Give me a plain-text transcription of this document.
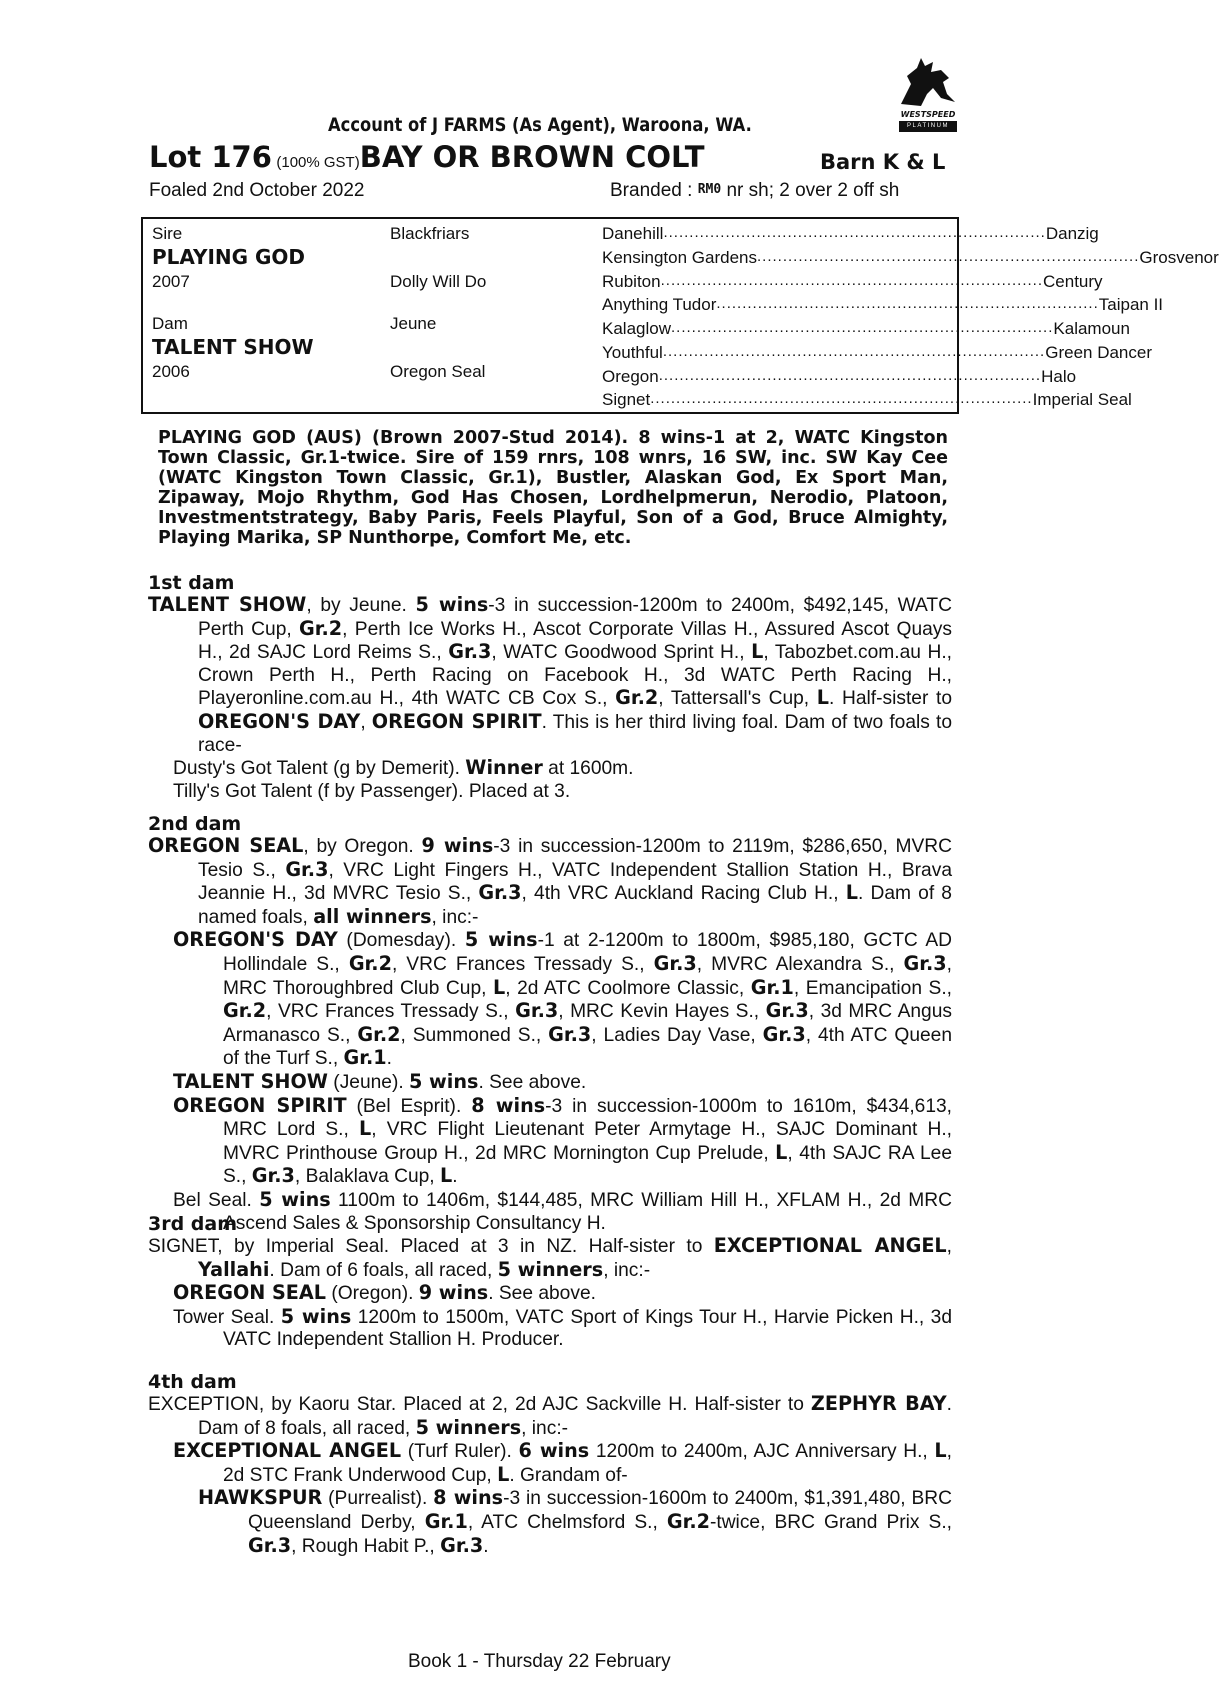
WESTSPEED
PLATINUM
Account of J FARMS (As Agent), Waroona, WA.
Lot 176 (100% GST)BAY OR BROWN COLT	Barn K & L
Foaled 2nd October 2022	Branded : RM0 nr sh; 2 over 2 off sh
Sire
PLAYING GOD
2007
Dam
TALENT SHOW
2006
Blackfriars
Dolly Will Do
Jeune
Oregon Seal
Danehill .......................................................................... Danzig
Kensington Gardens .......................................................................... Grosvenor
Rubiton .......................................................................... Century
Anything Tudor .......................................................................... Taipan II
Kalaglow .......................................................................... Kalamoun
Youthful .......................................................................... Green Dancer
Oregon .......................................................................... Halo
Signet .......................................................................... Imperial Seal
PLAYING GOD (AUS) (Brown 2007-Stud 2014). 8 wins-1 at 2, WATC Kingston Town Classic, Gr.1-twice. Sire of 159 rnrs, 108 wnrs, 16 SW, inc. SW Kay Cee (WATC Kingston Town Classic, Gr.1), Bustler, Alaskan God, Ex Sport Man, Zipaway, Mojo Rhythm, God Has Chosen, Lordhelpmerun, Nerodio, Platoon, Investmentstrategy, Baby Paris, Feels Playful, Son of a God, Bruce Almighty, Playing Marika, SP Nunthorpe, Comfort Me, etc.
1st dam
TALENT SHOW, by Jeune. 5 wins-3 in succession-1200m to 2400m, $492,145, WATC Perth Cup, Gr.2, Perth Ice Works H., Ascot Corporate Villas H., Assured Ascot Quays H., 2d SAJC Lord Reims S., Gr.3, WATC Goodwood Sprint H., L, Tabozbet.com.au H., Crown Perth H., Perth Racing on Facebook H., 3d WATC Perth Racing H., Playeronline.com.au H., 4th WATC CB Cox S., Gr.2, Tattersall's Cup, L. Half-sister to OREGON'S DAY, OREGON SPIRIT. This is her third living foal. Dam of two foals to race-
Dusty's Got Talent (g by Demerit). Winner at 1600m.
Tilly's Got Talent (f by Passenger). Placed at 3.
2nd dam
OREGON SEAL, by Oregon. 9 wins-3 in succession-1200m to 2119m, $286,650, MVRC Tesio S., Gr.3, VRC Light Fingers H., VATC Independent Stallion Station H., Brava Jeannie H., 3d MVRC Tesio S., Gr.3, 4th VRC Auckland Racing Club H., L. Dam of 8 named foals, all winners, inc:-
OREGON'S DAY (Domesday). 5 wins-1 at 2-1200m to 1800m, $985,180, GCTC AD Hollindale S., Gr.2, VRC Frances Tressady S., Gr.3, MVRC Alexandra S., Gr.3, MRC Thoroughbred Club Cup, L, 2d ATC Coolmore Classic, Gr.1, Emancipation S., Gr.2, VRC Frances Tressady S., Gr.3, MRC Kevin Hayes S., Gr.3, 3d MRC Angus Armanasco S., Gr.2, Summoned S., Gr.3, Ladies Day Vase, Gr.3, 4th ATC Queen of the Turf S., Gr.1.
TALENT SHOW (Jeune). 5 wins. See above.
OREGON SPIRIT (Bel Esprit). 8 wins-3 in succession-1000m to 1610m, $434,613, MRC Lord S., L, VRC Flight Lieutenant Peter Armytage H., SAJC Dominant H., MVRC Printhouse Group H., 2d MRC Mornington Cup Prelude, L, 4th SAJC RA Lee S., Gr.3, Balaklava Cup, L.
Bel Seal. 5 wins 1100m to 1406m, $144,485, MRC William Hill H., XFLAM H., 2d MRC Ascend Sales & Sponsorship Consultancy H.
3rd dam
SIGNET, by Imperial Seal. Placed at 3 in NZ. Half-sister to EXCEPTIONAL ANGEL, Yallahi. Dam of 6 foals, all raced, 5 winners, inc:-
OREGON SEAL (Oregon). 9 wins. See above.
Tower Seal. 5 wins 1200m to 1500m, VATC Sport of Kings Tour H., Harvie Picken H., 3d VATC Independent Stallion H. Producer.
4th dam
EXCEPTION, by Kaoru Star. Placed at 2, 2d AJC Sackville H. Half-sister to ZEPHYR BAY. Dam of 8 foals, all raced, 5 winners, inc:-
EXCEPTIONAL ANGEL (Turf Ruler). 6 wins 1200m to 2400m, AJC Anniversary H., L, 2d STC Frank Underwood Cup, L. Grandam of-
HAWKSPUR (Purrealist). 8 wins-3 in succession-1600m to 2400m, $1,391,480, BRC Queensland Derby, Gr.1, ATC Chelmsford S., Gr.2-twice, BRC Grand Prix S., Gr.3, Rough Habit P., Gr.3.
Book 1 - Thursday 22 February
